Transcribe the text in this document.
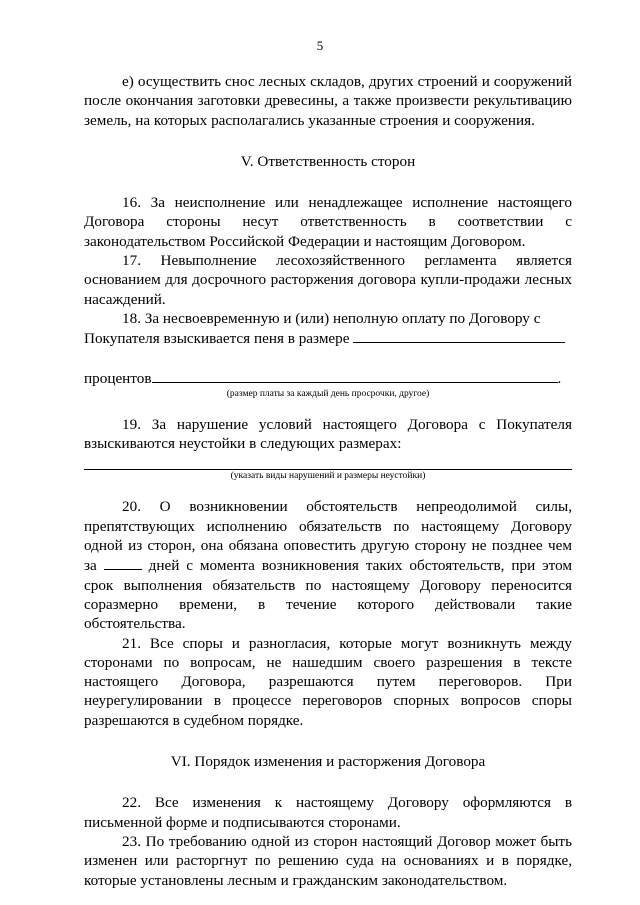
5

е) осуществить снос лесных складов, других строений и сооружений после окончания заготовки древесины, а также произвести рекультивацию земель, на которых располагались указанные строения и сооружения.

V. Ответственность сторон

16. За неисполнение или ненадлежащее исполнение настоящего Договора стороны несут ответственность в соответствии с законодательством Российской Федерации и настоящим Договором.

17. Невыполнение лесохозяйственного регламента является основанием для досрочного расторжения договора купли-продажи лесных насаждений.

18. За несвоевременную и (или) неполную оплату по Договору с Покупателя взыскивается пеня в размере

процентов	.

(размер платы за каждый день просрочки, другое)

19. За нарушение условий настоящего Договора с Покупателя взыскиваются неустойки в следующих размерах:

(указать виды нарушений и размеры неустойки)

20. О возникновении обстоятельств непреодолимой силы, препятствующих исполнению обязательств по настоящему Договору одной из сторон, она обязана оповестить другую сторону не позднее чем за	дней с момента возникновения таких обстоятельств, при этом срок выполнения обязательств по настоящему Договору переносится соразмерно времени, в течение которого действовали такие обстоятельства.

21. Все споры и разногласия, которые могут возникнуть между сторонами по вопросам, не нашедшим своего разрешения в тексте настоящего Договора, разрешаются путем переговоров. При неурегулировании в процессе переговоров спорных вопросов споры разрешаются в судебном порядке.

VI. Порядок изменения и расторжения Договора

22. Все изменения к настоящему Договору оформляются в письменной форме и подписываются сторонами.

23. По требованию одной из сторон настоящий Договор может быть изменен или расторгнут по решению суда на основаниях и в порядке, которые установлены лесным и гражданским законодательством.
